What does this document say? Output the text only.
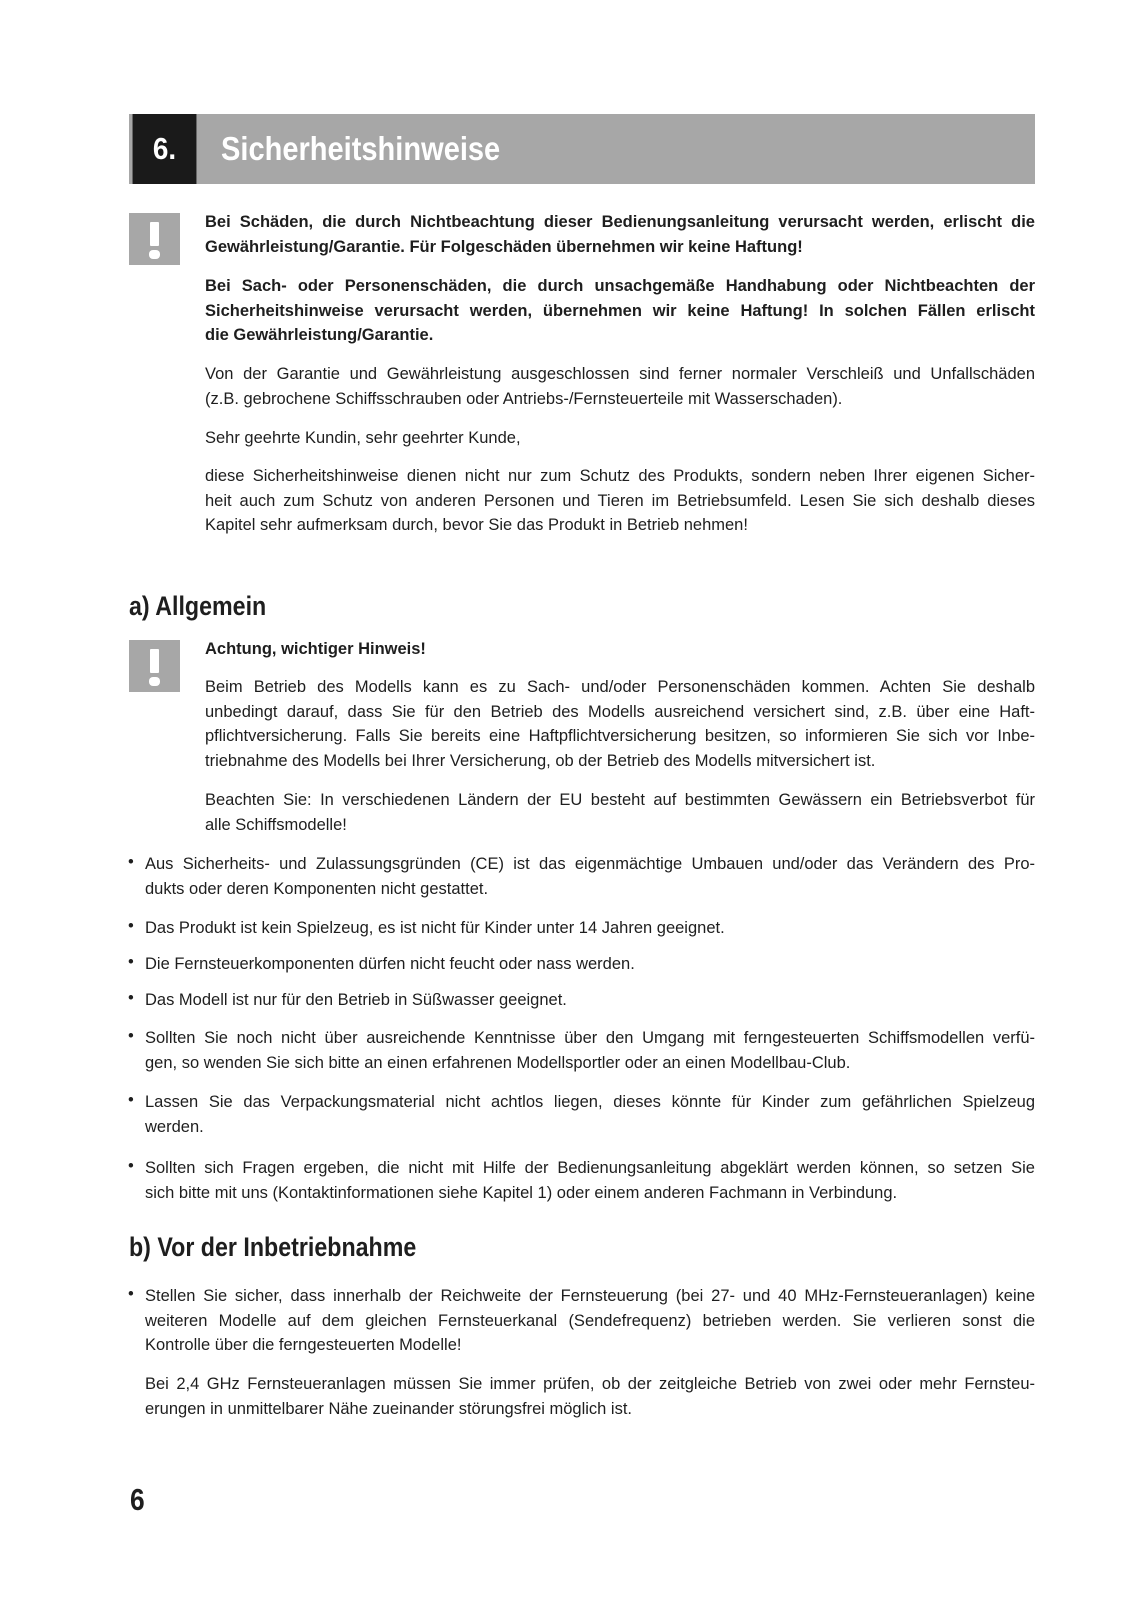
6.	Sicherheitshinweise
Bei Schäden, die durch Nichtbeachtung dieser Bedienungsanleitung verursacht werden, erlischt die
Gewährleistung/Garantie. Für Folgeschäden übernehmen wir keine Haftung!
Bei Sach- oder Personenschäden, die durch unsachgemäße Handhabung oder Nichtbeachten der
Sicherheitshinweise verursacht werden, übernehmen wir keine Haftung! In solchen Fällen erlischt
die Gewährleistung/Garantie.
Von der Garantie und Gewährleistung ausgeschlossen sind ferner normaler Verschleiß und Unfallschäden
(z.B. gebrochene Schiffsschrauben oder Antriebs-/Fernsteuerteile mit Wasserschaden).
Sehr geehrte Kundin, sehr geehrter Kunde,
diese Sicherheitshinweise dienen nicht nur zum Schutz des Produkts, sondern neben Ihrer eigenen Sicher-
heit auch zum Schutz von anderen Personen und Tieren im Betriebsumfeld. Lesen Sie sich deshalb dieses
Kapitel sehr aufmerksam durch, bevor Sie das Produkt in Betrieb nehmen!
a) Allgemein
Achtung, wichtiger Hinweis!
Beim Betrieb des Modells kann es zu Sach- und/oder Personenschäden kommen. Achten Sie deshalb
unbedingt darauf, dass Sie für den Betrieb des Modells ausreichend versichert sind, z.B. über eine Haft-
pflichtversicherung. Falls Sie bereits eine Haftpflichtversicherung besitzen, so informieren Sie sich vor Inbe-
triebnahme des Modells bei Ihrer Versicherung, ob der Betrieb des Modells mitversichert ist.
Beachten Sie: In verschiedenen Ländern der EU besteht auf bestimmten Gewässern ein Betriebsverbot für
alle Schiffsmodelle!
• Aus Sicherheits- und Zulassungsgründen (CE) ist das eigenmächtige Umbauen und/oder das Verändern des Pro-
dukts oder deren Komponenten nicht gestattet.
• Das Produkt ist kein Spielzeug, es ist nicht für Kinder unter 14 Jahren geeignet.
• Die Fernsteuerkomponenten dürfen nicht feucht oder nass werden.
• Das Modell ist nur für den Betrieb in Süßwasser geeignet.
• Sollten Sie noch nicht über ausreichende Kenntnisse über den Umgang mit ferngesteuerten Schiffsmodellen verfü-
gen, so wenden Sie sich bitte an einen erfahrenen Modellsportler oder an einen Modellbau-Club.
• Lassen Sie das Verpackungsmaterial nicht achtlos liegen, dieses könnte für Kinder zum gefährlichen Spielzeug
werden.
• Sollten sich Fragen ergeben, die nicht mit Hilfe der Bedienungsanleitung abgeklärt werden können, so setzen Sie
sich bitte mit uns (Kontaktinformationen siehe Kapitel 1) oder einem anderen Fachmann in Verbindung.
b) Vor der Inbetriebnahme
• Stellen Sie sicher, dass innerhalb der Reichweite der Fernsteuerung (bei 27- und 40 MHz-Fernsteueranlagen) keine
weiteren Modelle auf dem gleichen Fernsteuerkanal (Sendefrequenz) betrieben werden. Sie verlieren sonst die
Kontrolle über die ferngesteuerten Modelle!
Bei 2,4 GHz Fernsteueranlagen müssen Sie immer prüfen, ob der zeitgleiche Betrieb von zwei oder mehr Fernsteu-
erungen in unmittelbarer Nähe zueinander störungsfrei möglich ist.
6
